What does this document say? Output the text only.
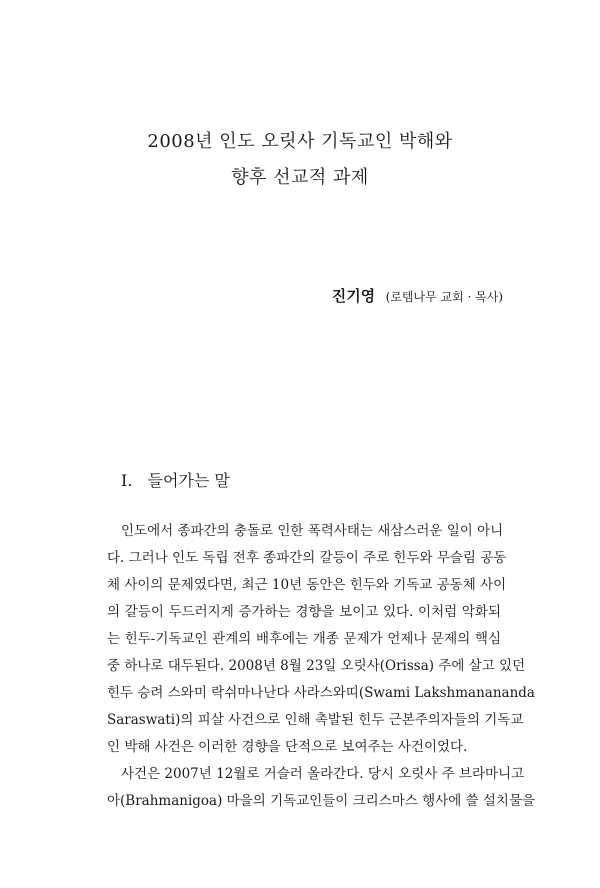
2008년 인도 오릿사 기독교인 박해와
향후 선교적 과제
진기영 (로템나무 교회 · 목사)
I. 들어가는 말
인도에서 종파간의 충돌로 인한 폭력사태는 새삼스러운 일이 아니
다. 그러나 인도 독립 전후 종파간의 갈등이 주로 힌두와 무슬림 공동
체 사이의 문제였다면, 최근 10년 동안은 힌두와 기독교 공동체 사이
의 갈등이 두드러지게 증가하는 경향을 보이고 있다. 이처럼 악화되
는 힌두-기독교인 관계의 배후에는 개종 문제가 언제나 문제의 핵심
중 하나로 대두된다. 2008년 8월 23일 오릿사(Orissa) 주에 살고 있던
힌두 승려 스와미 락쉬마나난다 사라스와띠(Swami Lakshmanananda
Saraswati)의 피살 사건으로 인해 촉발된 힌두 근본주의자들의 기독교
인 박해 사건은 이러한 경향을 단적으로 보여주는 사건이었다.
사건은 2007년 12월로 거슬러 올라간다. 당시 오릿사 주 브라마니고
아(Brahmanigoa) 마을의 기독교인들이 크리스마스 행사에 쓸 설치물을
